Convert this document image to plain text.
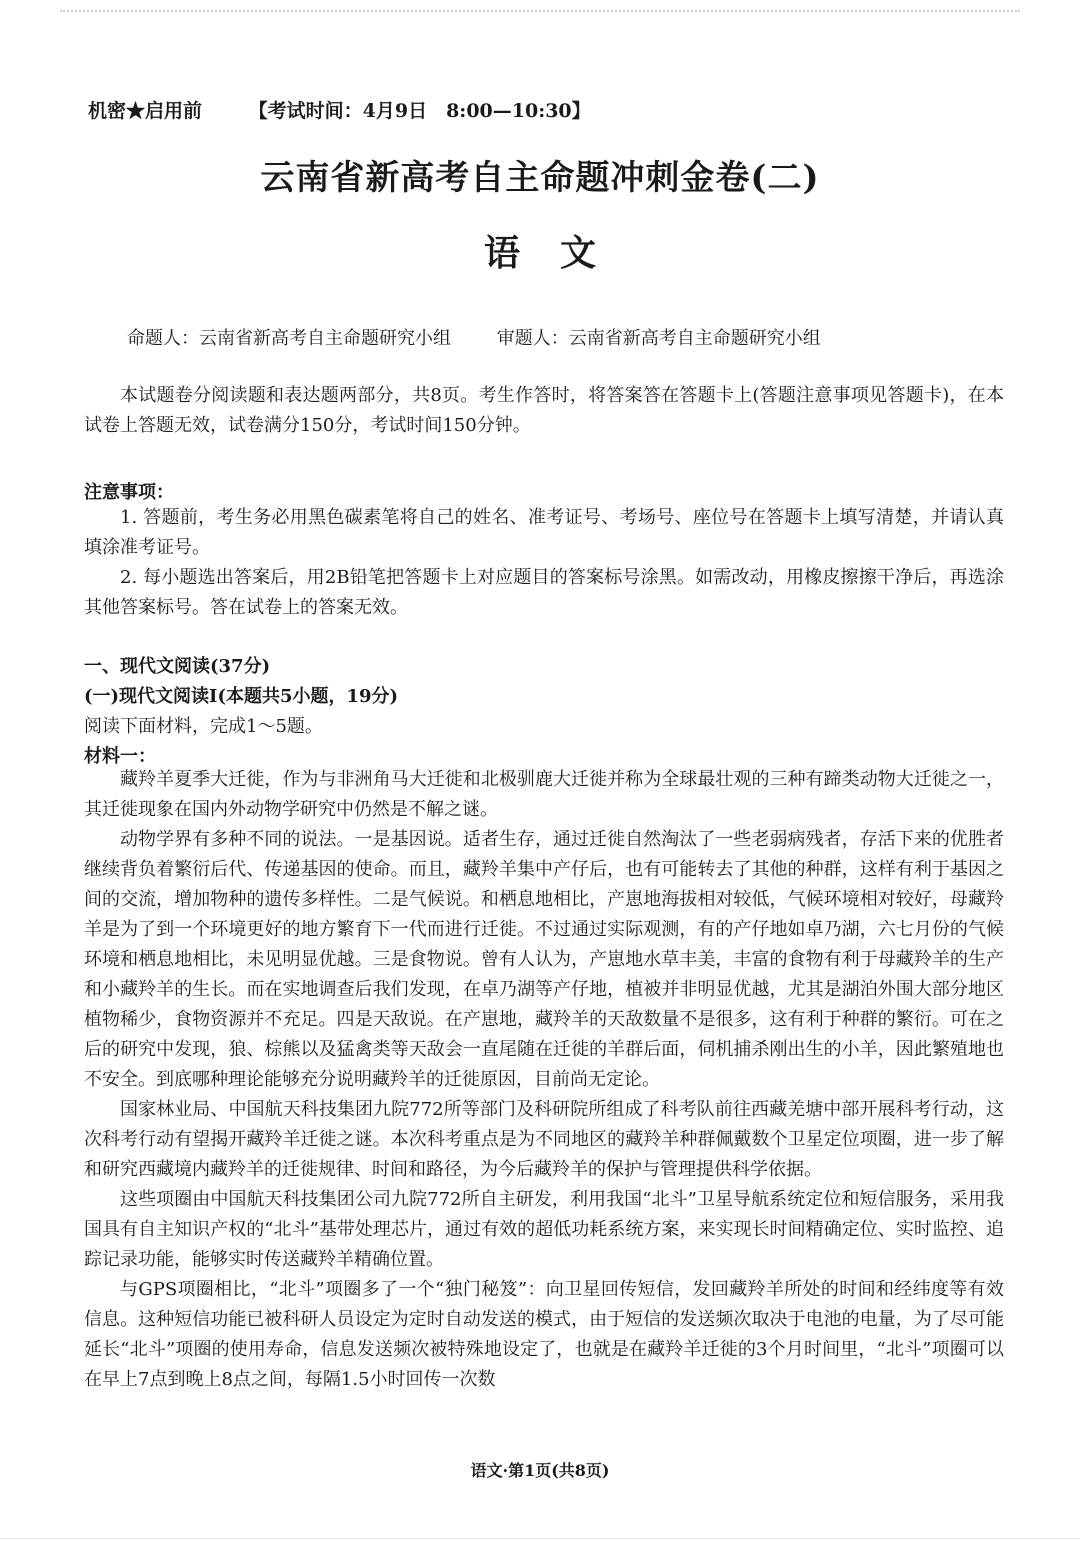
机密★启用前 【考试时间：4月9日　8:00—10:30】
云南省新高考自主命题冲刺金卷(二)
语文
命题人：云南省新高考自主命题研究小组	审题人：云南省新高考自主命题研究小组

本试题卷分阅读题和表达题两部分，共8页。考生作答时，将答案答在答题卡上(答题注意事项见答题卡)，在本试卷上答题无效，试卷满分150分，考试时间150分钟。

注意事项：

1. 答题前，考生务必用黑色碳素笔将自己的姓名、准考证号、考场号、座位号在答题卡上填写清楚，并请认真填涂准考证号。

2. 每小题选出答案后，用2B铅笔把答题卡上对应题目的答案标号涂黑。如需改动，用橡皮擦擦干净后，再选涂其他答案标号。答在试卷上的答案无效。

一、现代文阅读(37分)

(一)现代文阅读Ⅰ(本题共5小题，19分)

阅读下面材料，完成1～5题。

材料一：

藏羚羊夏季大迁徙，作为与非洲角马大迁徙和北极驯鹿大迁徙并称为全球最壮观的三种有蹄类动物大迁徙之一，其迁徙现象在国内外动物学研究中仍然是不解之谜。

动物学界有多种不同的说法。一是基因说。适者生存，通过迁徙自然淘汰了一些老弱病残者，存活下来的优胜者继续背负着繁衍后代、传递基因的使命。而且，藏羚羊集中产仔后，也有可能转去了其他的种群，这样有利于基因之间的交流，增加物种的遗传多样性。二是气候说。和栖息地相比，产崽地海拔相对较低，气候环境相对较好，母藏羚羊是为了到一个环境更好的地方繁育下一代而进行迁徙。不过通过实际观测，有的产仔地如卓乃湖，六七月份的气候环境和栖息地相比，未见明显优越。三是食物说。曾有人认为，产崽地水草丰美，丰富的食物有利于母藏羚羊的生产和小藏羚羊的生长。而在实地调查后我们发现，在卓乃湖等产仔地，植被并非明显优越，尤其是湖泊外围大部分地区植物稀少，食物资源并不充足。四是天敌说。在产崽地，藏羚羊的天敌数量不是很多，这有利于种群的繁衍。可在之后的研究中发现，狼、棕熊以及猛禽类等天敌会一直尾随在迁徙的羊群后面，伺机捕杀刚出生的小羊，因此繁殖地也不安全。到底哪种理论能够充分说明藏羚羊的迁徙原因，目前尚无定论。

国家林业局、中国航天科技集团九院772所等部门及科研院所组成了科考队前往西藏羌塘中部开展科考行动，这次科考行动有望揭开藏羚羊迁徙之谜。本次科考重点是为不同地区的藏羚羊种群佩戴数个卫星定位项圈，进一步了解和研究西藏境内藏羚羊的迁徙规律、时间和路径，为今后藏羚羊的保护与管理提供科学依据。

这些项圈由中国航天科技集团公司九院772所自主研发，利用我国“北斗”卫星导航系统定位和短信服务，采用我国具有自主知识产权的“北斗”基带处理芯片，通过有效的超低功耗系统方案，来实现长时间精确定位、实时监控、追踪记录功能，能够实时传送藏羚羊精确位置。

与GPS项圈相比，“北斗”项圈多了一个“独门秘笈”：向卫星回传短信，发回藏羚羊所处的时间和经纬度等有效信息。这种短信功能已被科研人员设定为定时自动发送的模式，由于短信的发送频次取决于电池的电量，为了尽可能延长“北斗”项圈的使用寿命，信息发送频次被特殊地设定了，也就是在藏羚羊迁徙的3个月时间里，“北斗”项圈可以在早上7点到晚上8点之间，每隔1.5小时回传一次数

语文·第1页(共8页)
